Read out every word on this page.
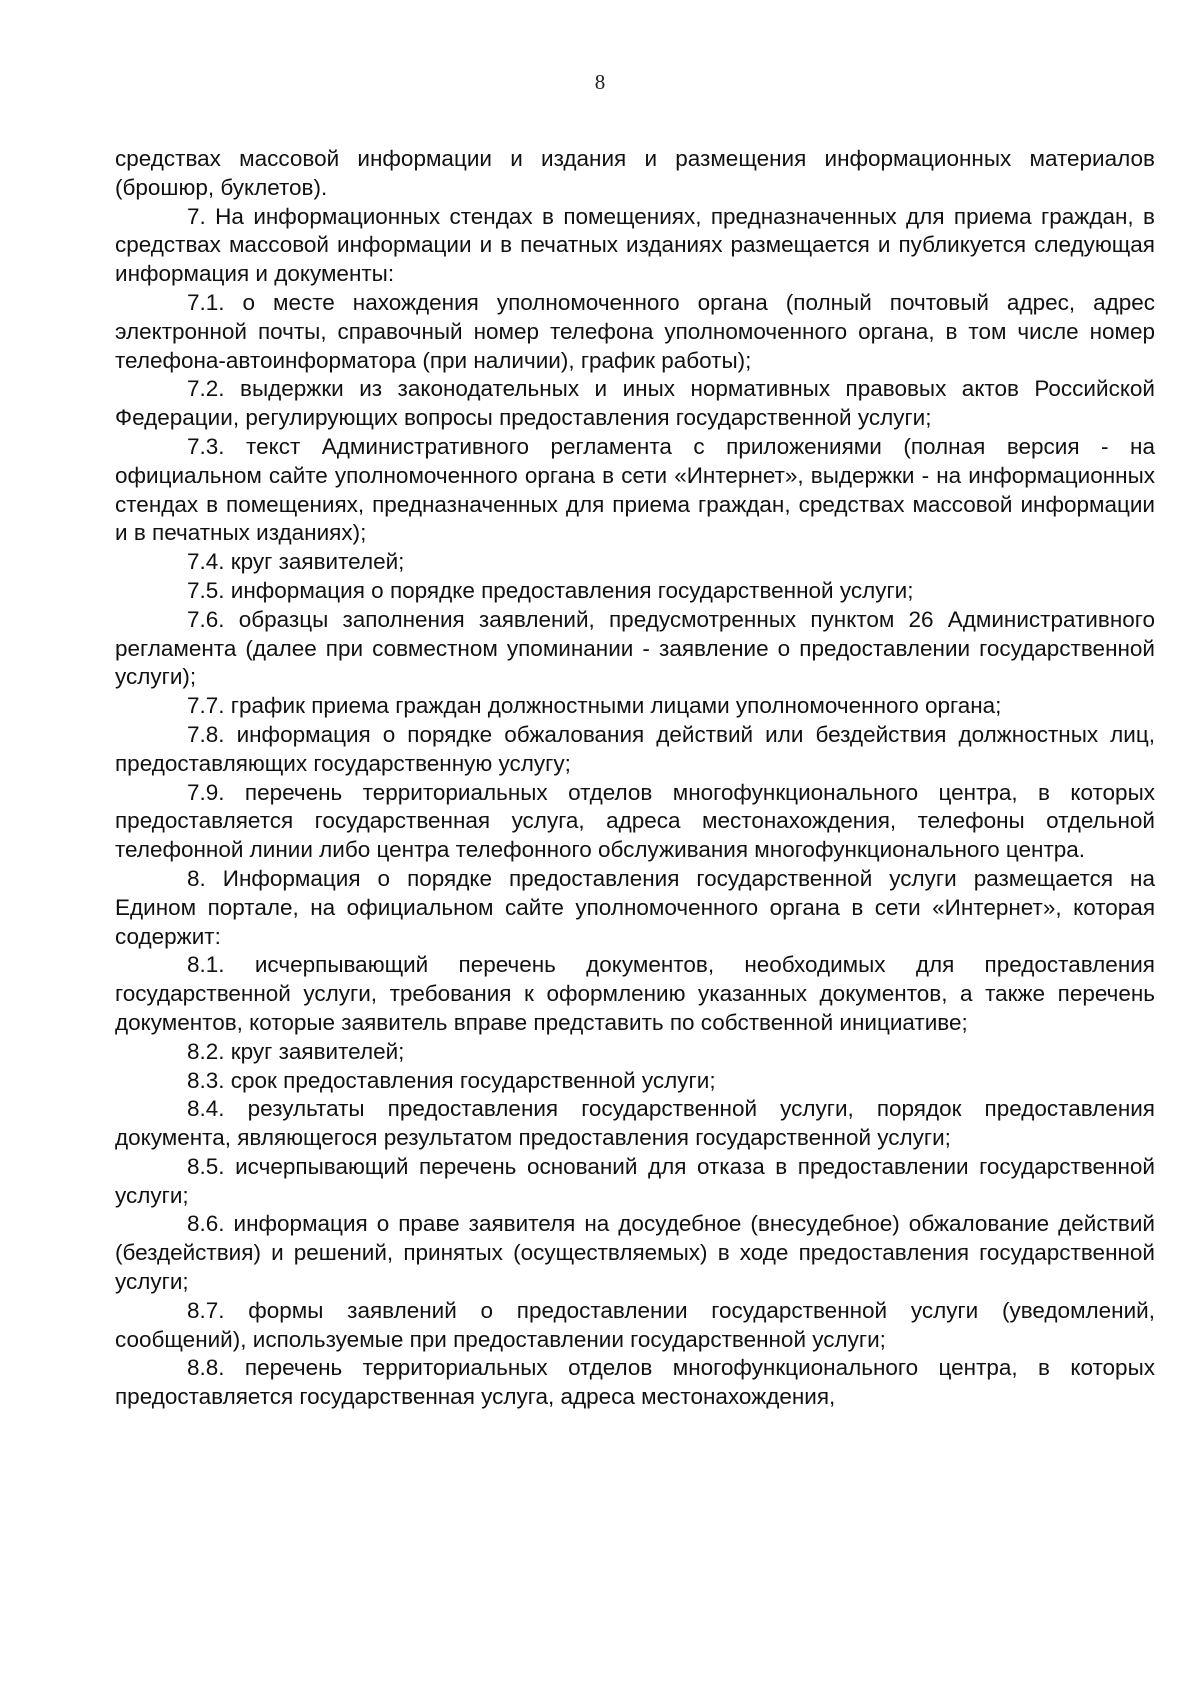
8

средствах массовой информации и издания и размещения информационных материалов (брошюр, буклетов).

7. На информационных стендах в помещениях, предназначенных для приема граждан, в средствах массовой информации и в печатных изданиях размещается и публикуется следующая информация и документы:

7.1. о месте нахождения уполномоченного органа (полный почтовый адрес, адрес электронной почты, справочный номер телефона уполномоченного органа, в том числе номер телефона-автоинформатора (при наличии), график работы);

7.2. выдержки из законодательных и иных нормативных правовых актов Российской Федерации, регулирующих вопросы предоставления государственной услуги;

7.3. текст Административного регламента с приложениями (полная версия - на официальном сайте уполномоченного органа в сети «Интернет», выдержки - на информационных стендах в помещениях, предназначенных для приема граждан, средствах массовой информации и в печатных изданиях);

7.4. круг заявителей;

7.5. информация о порядке предоставления государственной услуги;

7.6. образцы заполнения заявлений, предусмотренных пунктом 26 Административного регламента (далее при совместном упоминании - заявление о предоставлении государственной услуги);

7.7. график приема граждан должностными лицами уполномоченного органа;

7.8. информация о порядке обжалования действий или бездействия должностных лиц, предоставляющих государственную услугу;

7.9. перечень территориальных отделов многофункционального центра, в которых предоставляется государственная услуга, адреса местонахождения, телефоны отдельной телефонной линии либо центра телефонного обслуживания многофункционального центра.

8. Информация о порядке предоставления государственной услуги размещается на Едином портале, на официальном сайте уполномоченного органа в сети «Интернет», которая содержит:

8.1. исчерпывающий перечень документов, необходимых для предоставления государственной услуги, требования к оформлению указанных документов, а также перечень документов, которые заявитель вправе представить по собственной инициативе;

8.2. круг заявителей;

8.3. срок предоставления государственной услуги;

8.4. результаты предоставления государственной услуги, порядок предоставления документа, являющегося результатом предоставления государственной услуги;

8.5. исчерпывающий перечень оснований для отказа в предоставлении государственной услуги;

8.6. информация о праве заявителя на досудебное (внесудебное) обжалование действий (бездействия) и решений, принятых (осуществляемых) в ходе предоставления государственной услуги;

8.7. формы заявлений о предоставлении государственной услуги (уведомлений, сообщений), используемые при предоставлении государственной услуги;

8.8. перечень территориальных отделов многофункционального центра, в которых предоставляется государственная услуга, адреса местонахождения,
